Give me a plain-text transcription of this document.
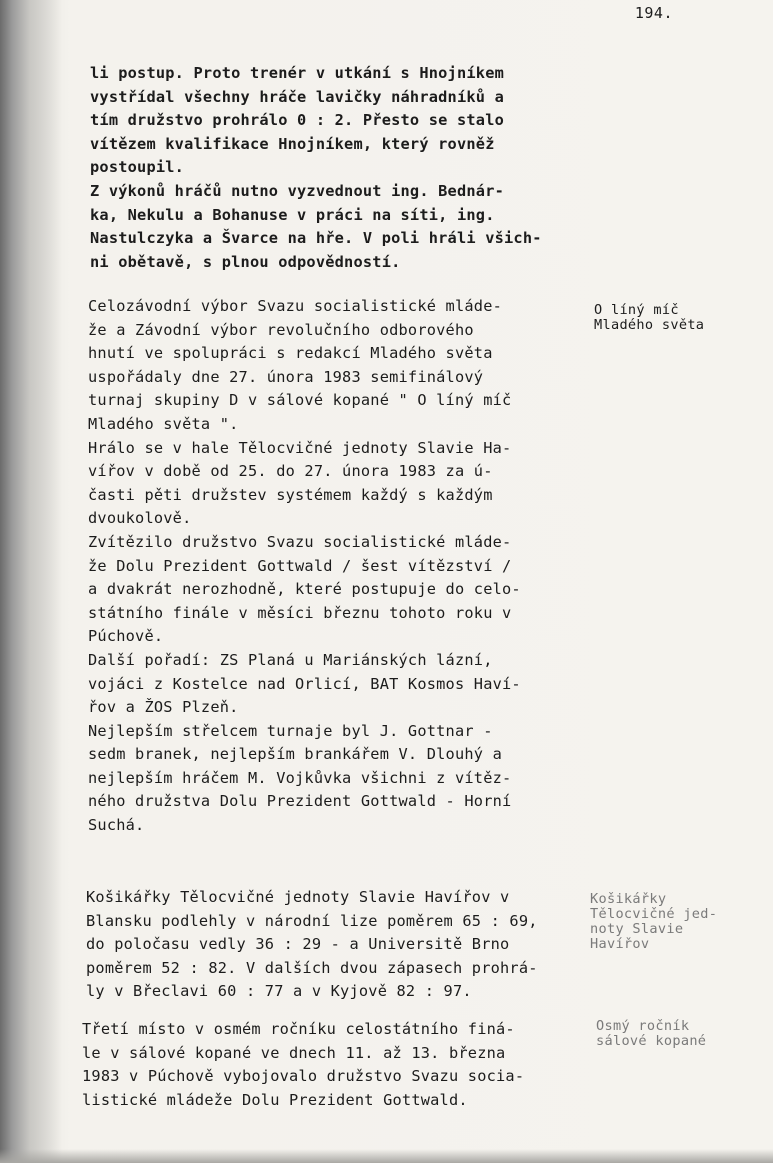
194.
li postup. Proto trenér v utkání s Hnojníkem
vystřídal všechny hráče lavičky náhradníků a
tím družstvo prohrálo 0 : 2. Přesto se stalo
vítězem kvalifikace Hnojníkem, který rovněž
postoupil.
Z výkonů hráčů nutno vyzvednout ing. Bednár-
ka, Nekulu a Bohanuse v práci na síti, ing.
Nastulczyka a Švarce na hře. V poli hráli všich-
ni obětavě, s plnou odpovědností.
Celozávodní výbor Svazu socialistické mláde-
že a Závodní výbor revolučního odborového
hnutí ve spolupráci s redakcí Mladého světa
uspořádaly dne 27. února 1983 semifinálový
turnaj skupiny D v sálové kopané " O líný míč
Mladého světa ".
Hrálo se v hale Tělocvičné jednoty Slavie Ha-
vířov v době od 25. do 27. února 1983 za ú-
časti pěti družstev systémem každý s každým
dvoukolově.
Zvítězilo družstvo Svazu socialistické mláde-
že Dolu Prezident Gottwald / šest vítězství /
a dvakrát nerozhodně, které postupuje do celo-
státního finále v měsíci březnu tohoto roku v
Púchově.
Další pořadí: ZS Planá u Mariánských lázní,
vojáci z Kostelce nad Orlicí, BAT Kosmos Haví-
řov a ŽOS Plzeň.
Nejlepším střelcem turnaje byl J. Gottnar -
sedm branek, nejlepším brankářem V. Dlouhý a
nejlepším hráčem M. Vojkůvka všichni z vítěz-
ného družstva Dolu Prezident Gottwald - Horní
Suchá.
Košikářky Tělocvičné jednoty Slavie Havířov v
Blansku podlehly v národní lize poměrem 65 : 69,
do poločasu vedly 36 : 29 - a Universitě Brno
poměrem 52 : 82. V dalších dvou zápasech prohrá-
ly v Břeclavi 60 : 77 a v Kyjově 82 : 97.
Třetí místo v osmém ročníku celostátního finá-
le v sálové kopané ve dnech 11. až 13. března
1983 v Púchově vybojovalo družstvo Svazu socia-
listické mládeže Dolu Prezident Gottwald.
O líný míč
Mladého světa
Košikářky
Tělocvičné jed-
noty Slavie
Havířov
Osmý ročník
sálové kopané
